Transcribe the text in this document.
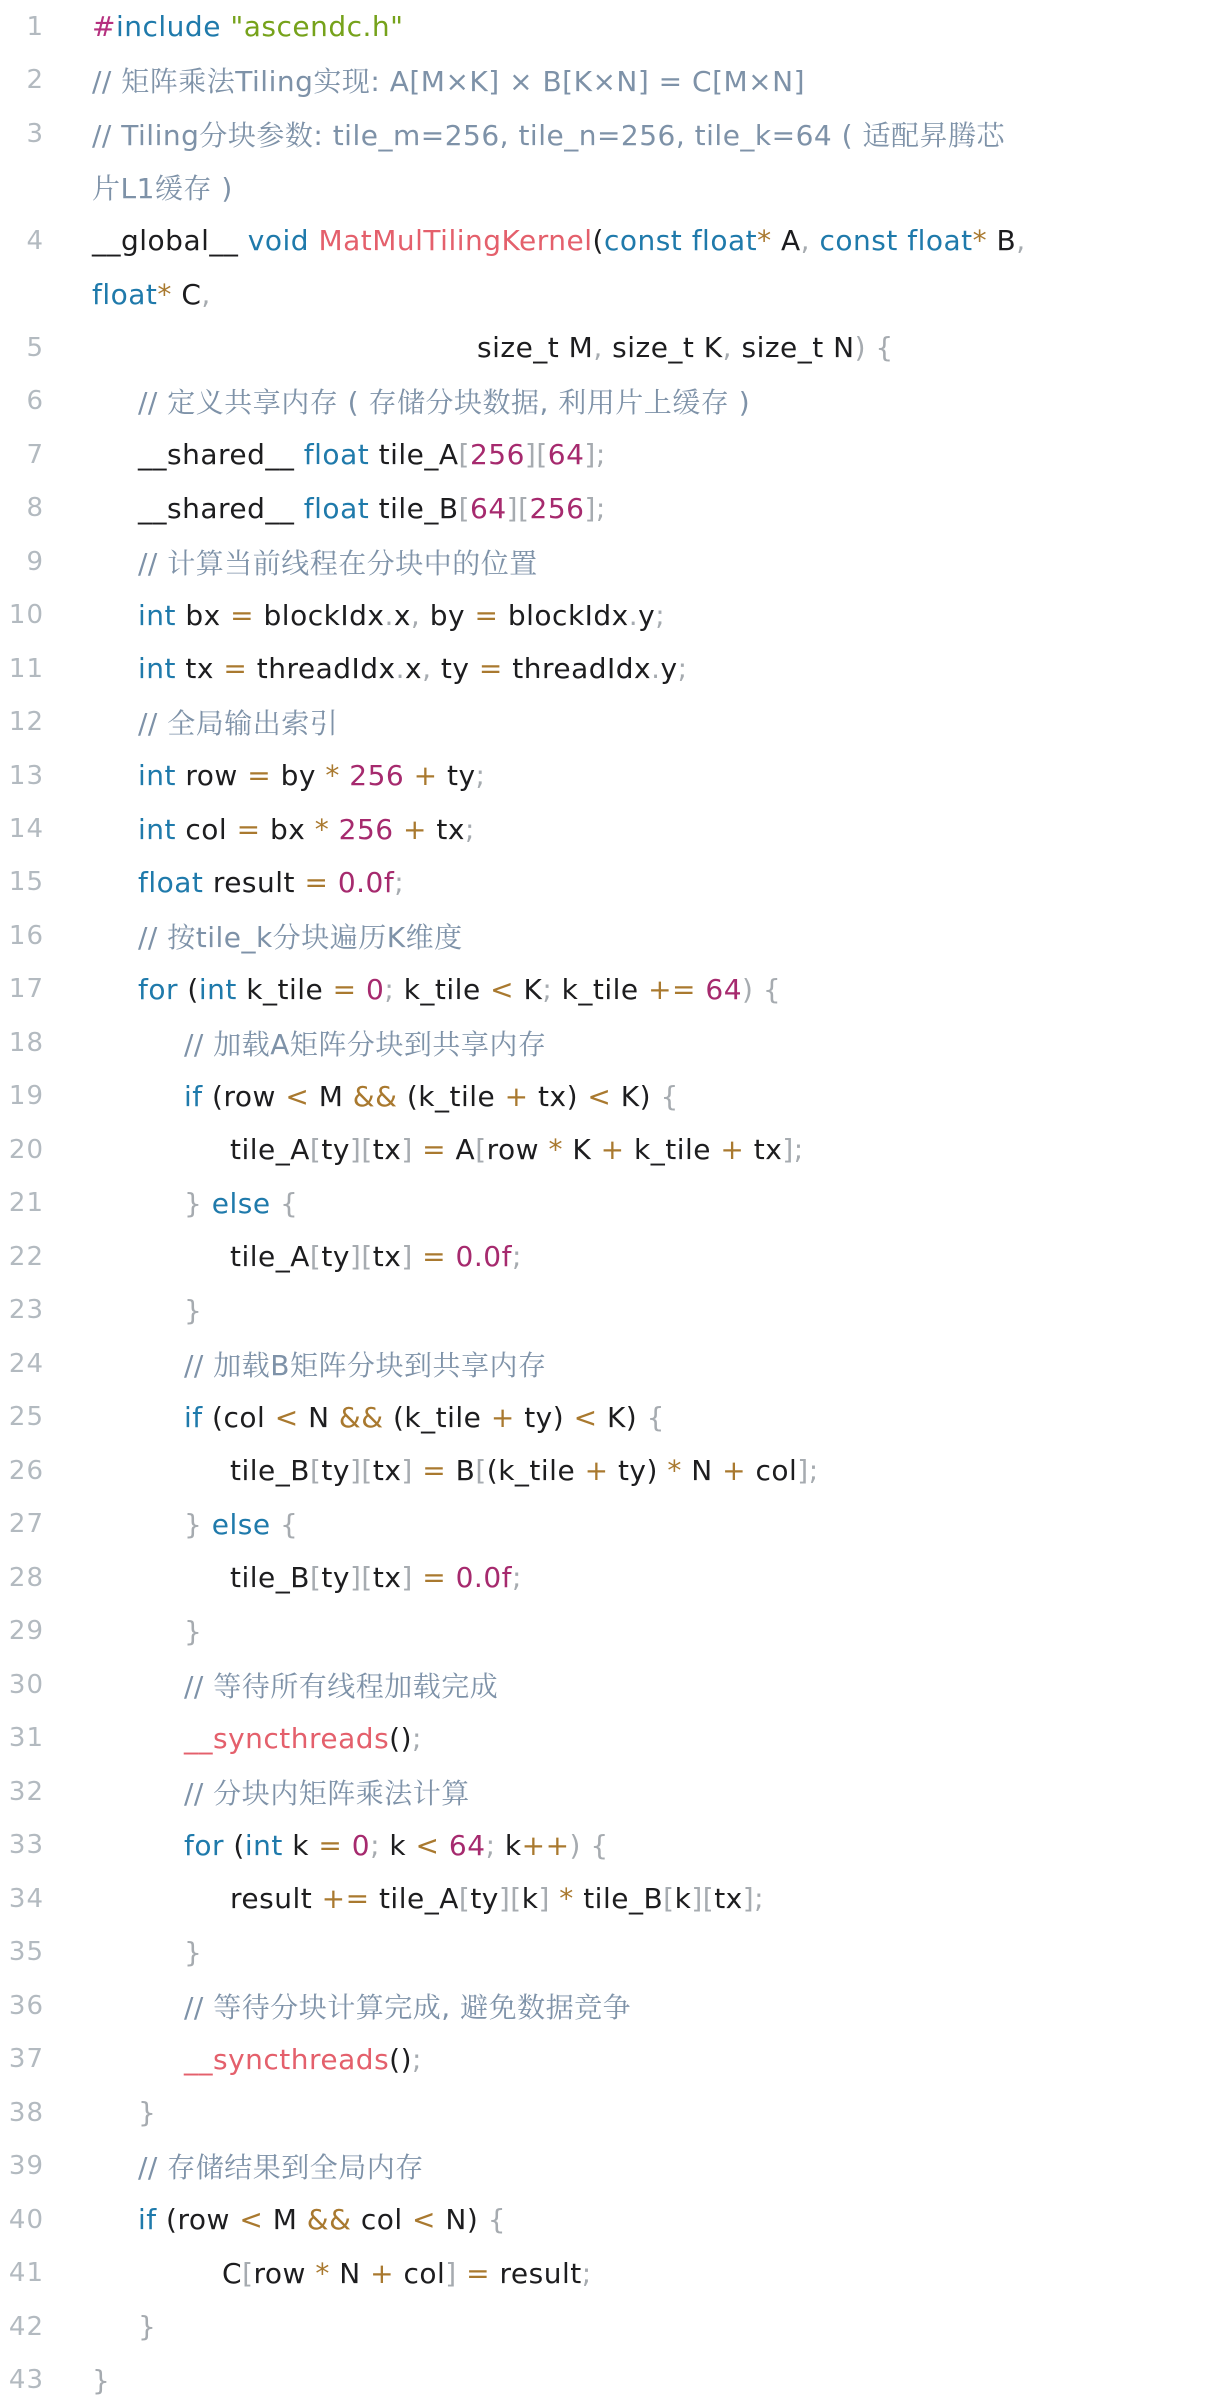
1 #include "ascendc.h"
2 // 矩阵乘法Tiling实现: A[M×K] × B[K×N] = C[M×N]
3 // Tiling分块参数: tile_m=256, tile_n=256, tile_k=64 ( 适配昇腾芯
片L1缓存 )
4 __global__ void MatMulTilingKernel(const float* A, const float* B,
float* C,
5	size_t M, size_t K, size_t N) {
6	// 定义共享内存 ( 存储分块数据, 利用片上缓存 )
7	__shared__ float tile_A[256][64];
8	__shared__ float tile_B[64][256];
9	// 计算当前线程在分块中的位置
10	int bx = blockIdx.x, by = blockIdx.y;
11	int tx = threadIdx.x, ty = threadIdx.y;
12	// 全局输出索引
13	int row = by * 256 + ty;
14	int col = bx * 256 + tx;
15	float result = 0.0f;
16	// 按tile_k分块遍历K维度
17	for (int k_tile = 0; k_tile < K; k_tile += 64) {
18	// 加载A矩阵分块到共享内存
19	if (row < M && (k_tile + tx) < K) {
20	tile_A[ty][tx] = A[row * K + k_tile + tx];
21	} else {
22	tile_A[ty][tx] = 0.0f;
23	}
24	// 加载B矩阵分块到共享内存
25	if (col < N && (k_tile + ty) < K) {
26	tile_B[ty][tx] = B[(k_tile + ty) * N + col];
27	} else {
28	tile_B[ty][tx] = 0.0f;
29	}
30	// 等待所有线程加载完成
31	__syncthreads();
32	// 分块内矩阵乘法计算
33	for (int k = 0; k < 64; k++) {
34	result += tile_A[ty][k] * tile_B[k][tx];
35	}
36	// 等待分块计算完成, 避免数据竞争
37	__syncthreads();
38	}
39	// 存储结果到全局内存
40	if (row < M && col < N) {
41	C[row * N + col] = result;
42	}
43 }
